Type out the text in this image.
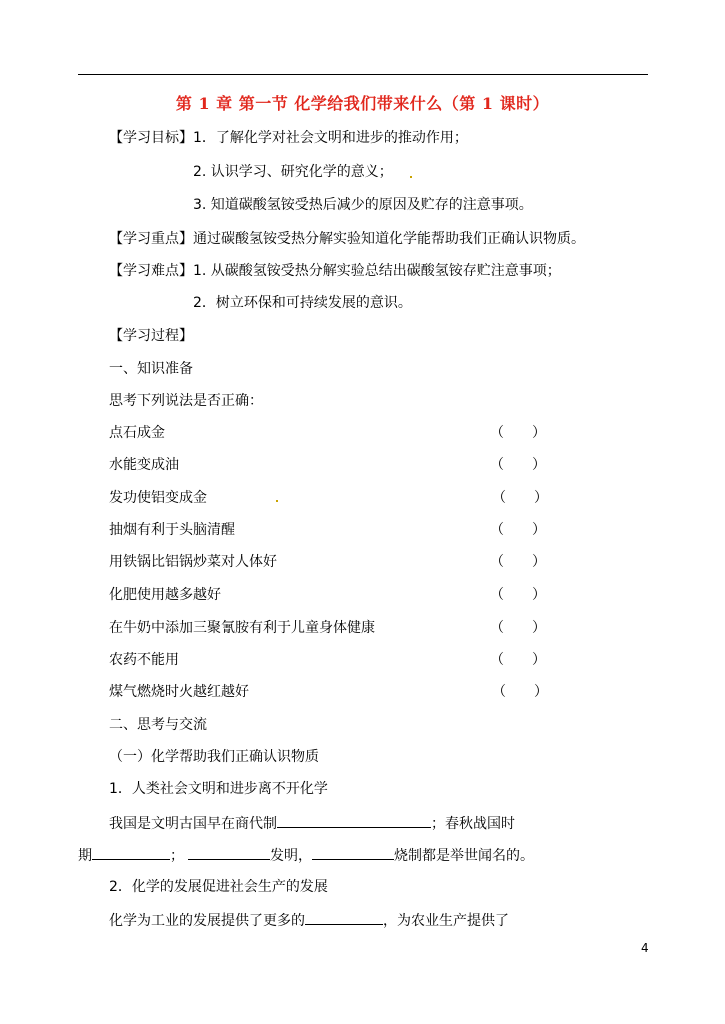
第 1 章 第一节 化学给我们带来什么（第 1 课时）
【学习目标】1．了解化学对社会文明和进步的推动作用；
2. 认识学习、研究化学的意义；
3. 知道碳酸氢铵受热后减少的原因及贮存的注意事项。
【学习重点】通过碳酸氢铵受热分解实验知道化学能帮助我们正确认识物质。
【学习难点】1. 从碳酸氢铵受热分解实验总结出碳酸氢铵存贮注意事项；
2．树立环保和可持续发展的意识。
【学习过程】
一、知识准备
思考下列说法是否正确：
点石成金	（　　）
水能变成油	（　　）
发功使铝变成金	（　　）
抽烟有利于头脑清醒	（　　）
用铁锅比铝锅炒菜对人体好	（　　）
化肥使用越多越好	（　　）
在牛奶中添加三聚氰胺有利于儿童身体健康	（　　）
农药不能用	（　　）
煤气燃烧时火越红越好	（　　）
二、思考与交流
（一）化学帮助我们正确认识物质
1．人类社会文明和进步离不开化学
我国是文明古国早在商代制	；春秋战国时
期	；	发明，	烧制都是举世闻名的。
2．化学的发展促进社会生产的发展
化学为工业的发展提供了更多的	，为农业生产提供了
4
